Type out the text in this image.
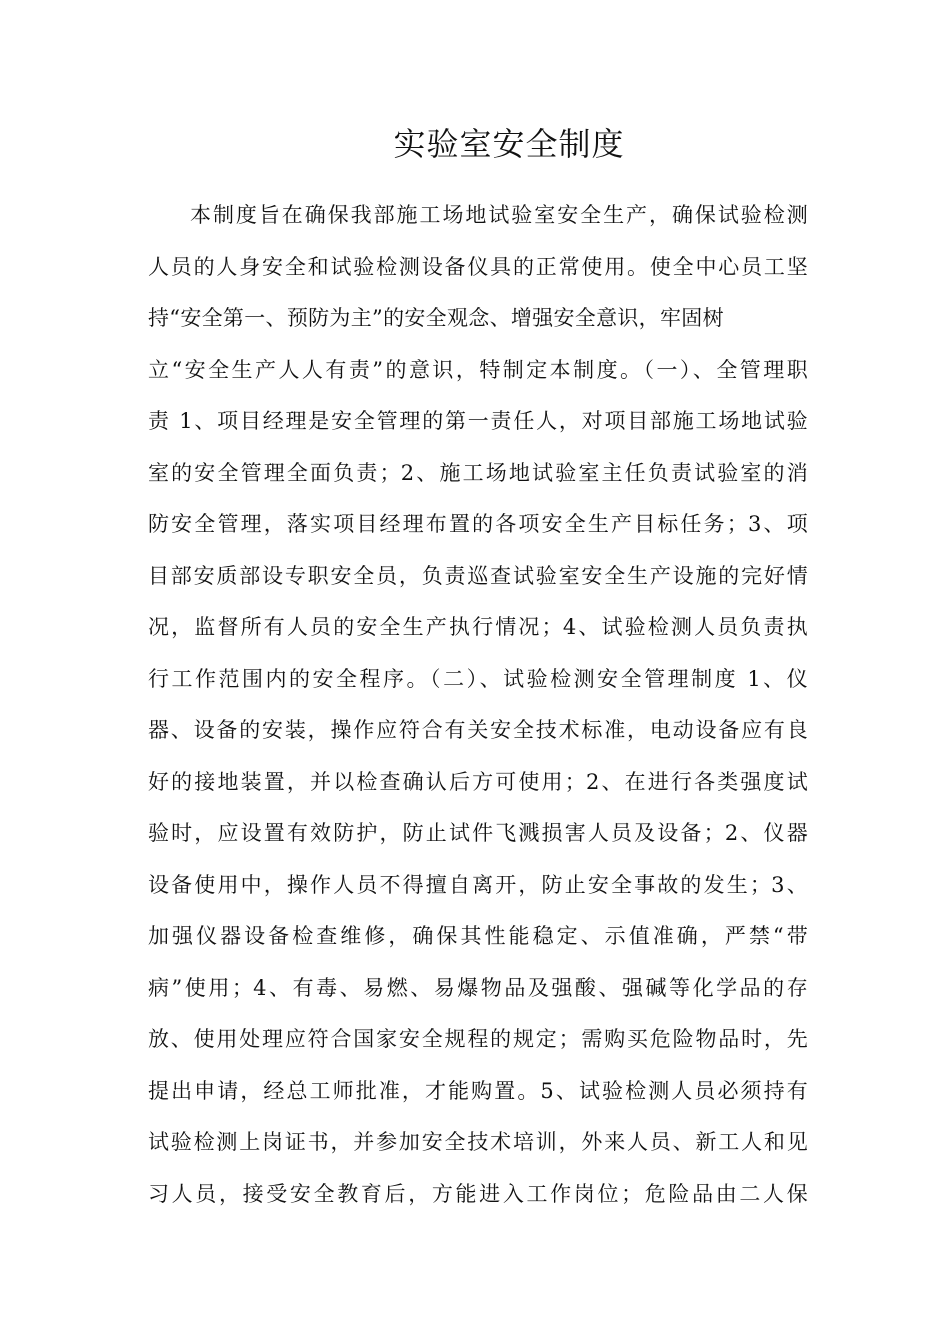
实验室安全制度
本制度旨在确保我部施工场地试验室安全生产，确保试验检测
人员的人身安全和试验检测设备仪具的正常使用。使全中心员工坚
持“安全第一、预防为主”的安全观念、增强安全意识，牢固树
立“安全生产人人有责”的意识，特制定本制度。（一）、全管理职
责 1、项目经理是安全管理的第一责任人，对项目部施工场地试验
室的安全管理全面负责；2、施工场地试验室主任负责试验室的消
防安全管理，落实项目经理布置的各项安全生产目标任务；3、项
目部安质部设专职安全员，负责巡查试验室安全生产设施的完好情
况，监督所有人员的安全生产执行情况；4、试验检测人员负责执
行工作范围内的安全程序。（二）、试验检测安全管理制度 1、仪
器、设备的安装，操作应符合有关安全技术标准，电动设备应有良
好的接地装置，并以检查确认后方可使用；2、在进行各类强度试
验时，应设置有效防护，防止试件飞溅损害人员及设备；2、仪器
设备使用中，操作人员不得擅自离开，防止安全事故的发生；3、
加强仪器设备检查维修，确保其性能稳定、示值准确，严禁“带
病”使用；4、有毒、易燃、易爆物品及强酸、强碱等化学品的存
放、使用处理应符合国家安全规程的规定；需购买危险物品时，先
提出申请，经总工师批准，才能购置。5、试验检测人员必须持有
试验检测上岗证书，并参加安全技术培训，外来人员、新工人和见
习人员，接受安全教育后，方能进入工作岗位；危险品由二人保
